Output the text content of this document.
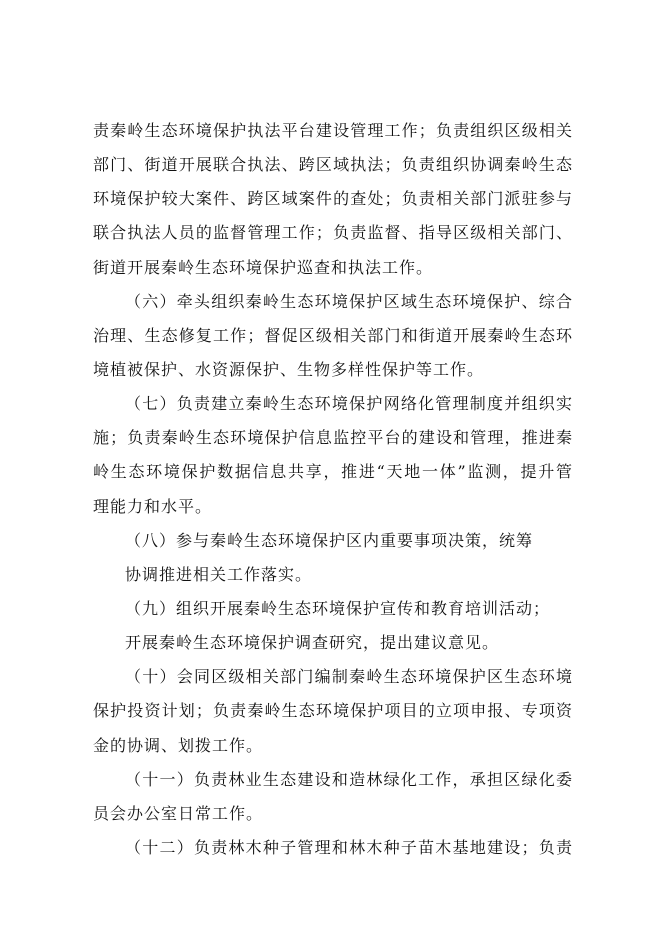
责秦岭生态环境保护执法平台建设管理工作；负责组织区级相关
部门、街道开展联合执法、跨区域执法；负责组织协调秦岭生态
环境保护较大案件、跨区域案件的查处；负责相关部门派驻参与
联合执法人员的监督管理工作；负责监督、指导区级相关部门、
街道开展秦岭生态环境保护巡查和执法工作。
（六）牵头组织秦岭生态环境保护区域生态环境保护、综合
治理、生态修复工作；督促区级相关部门和街道开展秦岭生态环
境植被保护、水资源保护、生物多样性保护等工作。
（七）负责建立秦岭生态环境保护网络化管理制度并组织实
施；负责秦岭生态环境保护信息监控平台的建设和管理，推进秦
岭生态环境保护数据信息共享，推进“天地一体”监测，提升管
理能力和水平。
（八）参与秦岭生态环境保护区内重要事项决策，统筹
协调推进相关工作落实。
（九）组织开展秦岭生态环境保护宣传和教育培训活动；
开展秦岭生态环境保护调查研究，提出建议意见。
（十）会同区级相关部门编制秦岭生态环境保护区生态环境
保护投资计划；负责秦岭生态环境保护项目的立项申报、专项资
金的协调、划拨工作。
（十一）负责林业生态建设和造林绿化工作，承担区绿化委
员会办公室日常工作。
（十二）负责林木种子管理和林木种子苗木基地建设；负责
